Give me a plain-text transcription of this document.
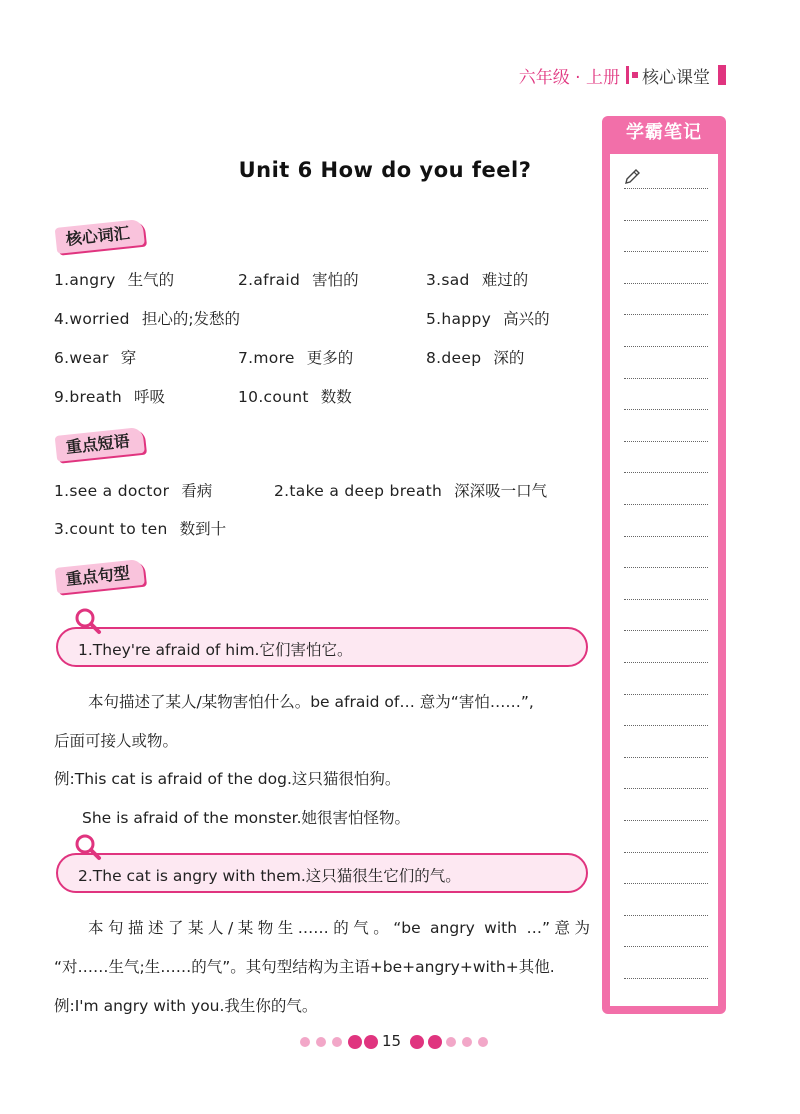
六年级 · 上册 核心课堂
Unit 6 How do you feel?
核心词汇
1.angry 生气的	2.afraid 害怕的	3.sad 难过的
4.worried 担心的;发愁的	5.happy 高兴的
6.wear 穿	7.more 更多的	8.deep 深的
9.breath 呼吸	10.count 数数
重点短语
1.see a doctor 看病	2.take a deep breath 深深吸一口气
3.count to ten 数到十
重点句型
1.They're afraid of him.它们害怕它。
本句描述了某人/某物害怕什么。be afraid of… 意为“害怕……”,
后面可接人或物。
例:This cat is afraid of the dog.这只猫很怕狗。
She is afraid of the monster.她很害怕怪物。
2.The cat is angry with them.这只猫很生它们的气。
本句描述了某人/某物生……的气。“be angry with …”意为
“对……生气;生……的气”。其句型结构为主语+be+angry+with+其他.
例:I'm angry with you.我生你的气。
学霸笔记
15
